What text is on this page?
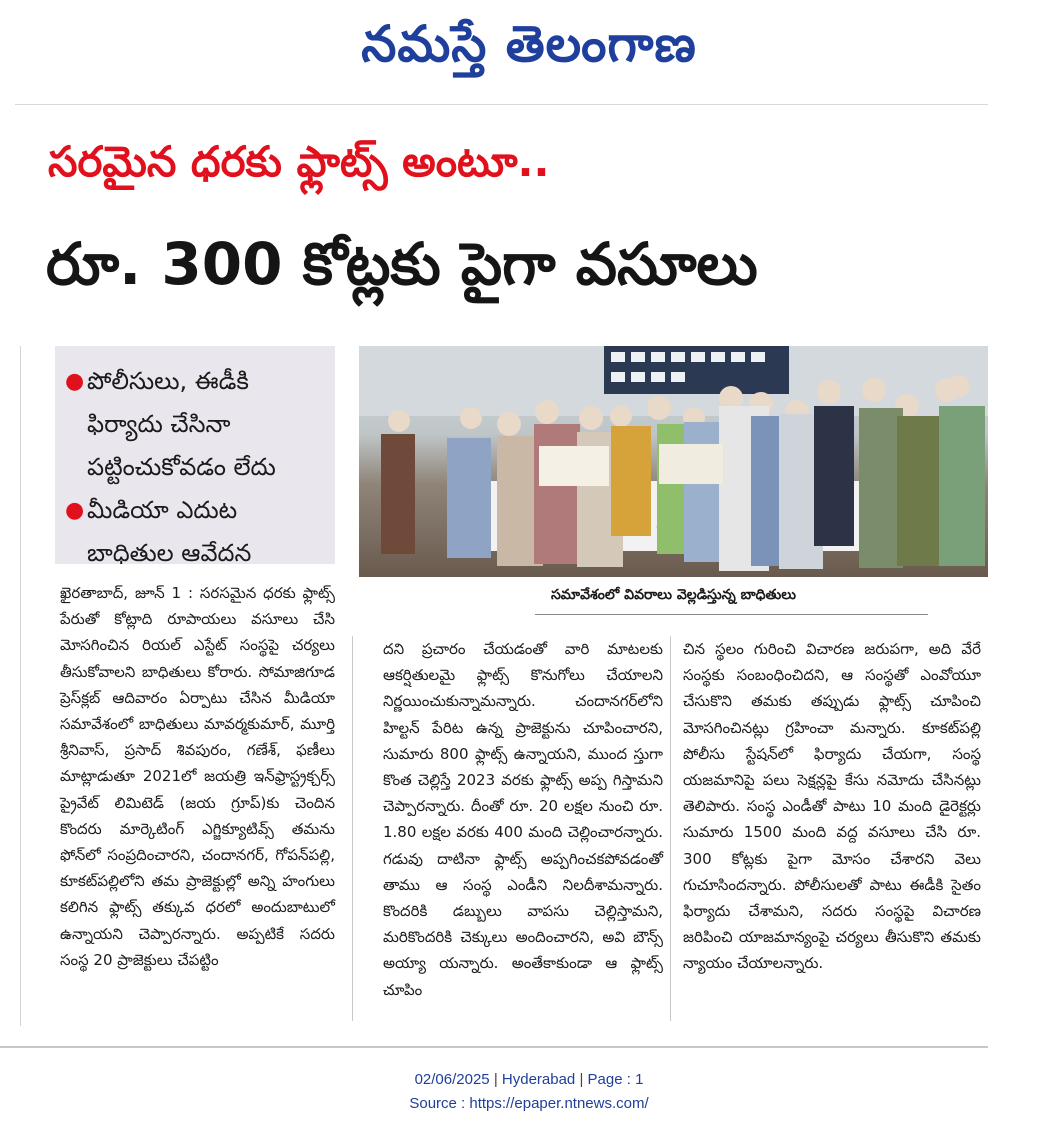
నమస్తే తెలంగాణ
సరమైన ధరకు ఫ్లాట్స్ అంటూ..
రూ. 300 కోట్లకు పైగా వసూలు
● పోలీసులు, ఈడీకి ఫిర్యాదు చేసినా పట్టించుకోవడం లేదు
● మీడియా ఎదుట బాధితుల ఆవేదన
సమావేశంలో వివరాలు వెల్లడిస్తున్న బాధితులు

ఖైరతాబాద్, జూన్ 1 : సరసమైన ధరకు ఫ్లాట్స్ పేరుతో కోట్లాది రూపాయలు వసూలు చేసి మోసగించిన రియల్ ఎస్టేట్ సంస్థపై చర్యలు తీసుకోవాలని బాధితులు కోరారు. సోమాజిగూడ ప్రెస్‌క్లబ్ ఆదివారం ఏర్పాటు చేసిన మీడియా సమావేశంలో బాధితులు మావర్మకుమార్, మూర్తి శ్రీనివాస్, ప్రసాద్ శివపురం, గణేశ్, ఫణీలు మాట్లాడుతూ 2021లో జయత్రి ఇన్‌ఫ్రాస్ట్రక్చర్స్ ప్రైవేట్ లిమిటెడ్ (జయ గ్రూప్)కు చెందిన కొందరు మార్కెటింగ్ ఎగ్జిక్యూటివ్స్ తమను ఫోన్‌లో సంప్రదించారని, చందానగర్, గోపన్‌పల్లి, కూకట్‌పల్లిలోని తమ ప్రాజెక్టుల్లో అన్ని హంగులు కలిగిన ఫ్లాట్స్ తక్కువ ధరలో అందుబాటులో ఉన్నాయని చెప్పారన్నారు. అప్పటికే సదరు సంస్థ 20 ప్రాజెక్టులు చేపట్టిం

దని ప్రచారం చేయడంతో వారి మాటలకు ఆకర్షితులమై ఫ్లాట్స్ కొనుగోలు చేయాలని నిర్ణయించుకున్నామన్నారు. చందానగర్‌లోని హిల్టన్ పేరిట ఉన్న ప్రాజెక్టును చూపించారని, సుమారు 800 ఫ్లాట్స్ ఉన్నాయని, ముంద స్తుగా కొంత చెల్లిస్తే 2023 వరకు ఫ్లాట్స్ అప్ప గిస్తామని చెప్పారన్నారు. దీంతో రూ. 20 లక్షల నుంచి రూ. 1.80 లక్షల వరకు 400 మంది చెల్లించారన్నారు. గడువు దాటినా ఫ్లాట్స్ అప్పగించకపోవడంతో తాము ఆ సంస్థ ఎండీని నిలదీశామన్నారు. కొందరికి డబ్బులు వాపసు చెల్లిస్తామని, మరికొందరికి చెక్కులు అందించారని, అవి బౌన్స్ అయ్యా యన్నారు. అంతేకాకుండా ఆ ఫ్లాట్స్ చూపిం

చిన స్థలం గురించి విచారణ జరుపగా, అది వేరే సంస్థకు సంబంధించిదని, ఆ సంస్థతో ఎంవోయూ చేసుకొని తమకు తప్పుడు ఫ్లాట్స్ చూపించి మోసగించినట్లు గ్రహించా మన్నారు. కూకట్‌పల్లి పోలీసు స్టేషన్‌లో ఫిర్యాదు చేయగా, సంస్థ యజమానిపై పలు సెక్షన్లపై కేసు నమోదు చేసినట్లు తెలిపారు. సంస్థ ఎండీతో పాటు 10 మంది డైరెక్టర్లు సుమారు 1500 మంది వద్ద వసూలు చేసి రూ. 300 కోట్లకు పైగా మోసం చేశారని వెలు గుచూసిందన్నారు. పోలీసులతో పాటు ఈడీకి సైతం ఫిర్యాదు చేశామని, సదరు సంస్థపై విచారణ జరిపించి యాజమాన్యంపై చర్యలు తీసుకొని తమకు న్యాయం చేయాలన్నారు.

02/06/2025 | Hyderabad | Page : 1
Source : https://epaper.ntnews.com/
